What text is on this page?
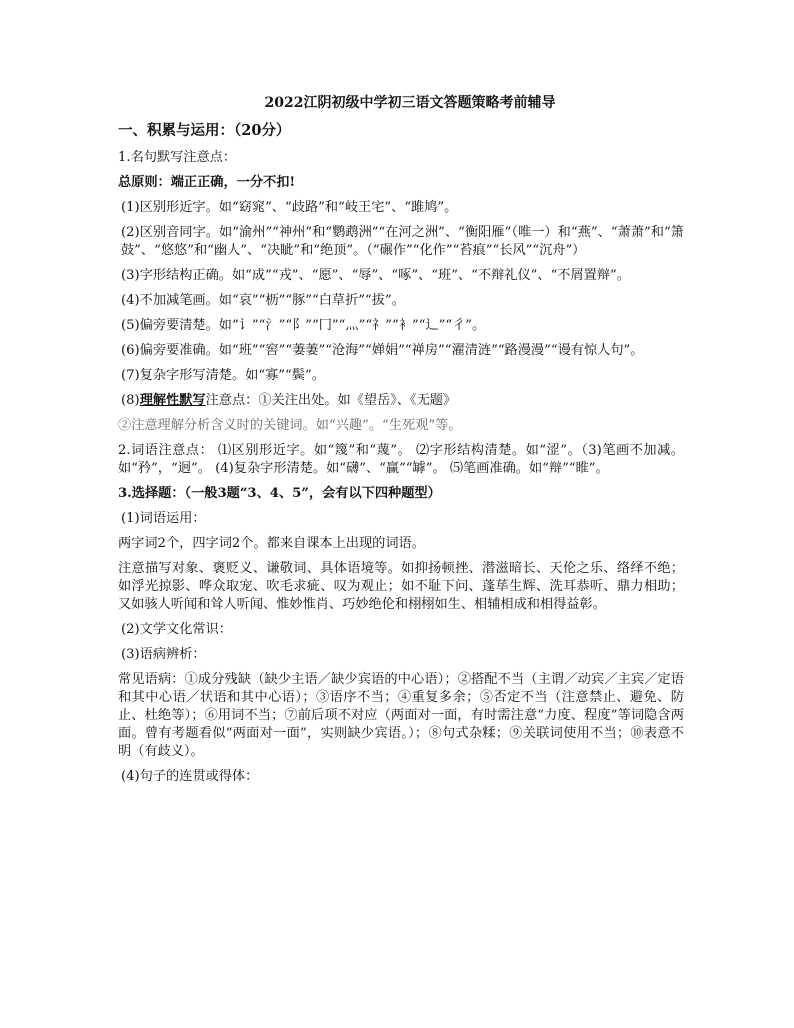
2022江阴初级中学初三语文答题策略考前辅导
一、积累与运用：（20分）
1.名句默写注意点：
总原则：端正正确，一分不扣!
(1)区别形近字。如“窈窕”、“歧路”和“岐王宅”、“雎鸠”。
(2)区别音同字。如“渝州”“神州”和“鹦鹉洲”“在河之洲”、“衡阳雁”（唯一）和“燕”、“萧萧”和“箫鼓”、“悠悠”和“幽人”、“决眦”和“绝顶”。（“碾作”“化作”“苔痕”“长风”“沉舟”）
(3)字形结构正确。如“成”“戎”、“愿”、“辱”、“啄”、“班”、“不辩礼仪”、“不屑置辩”。
(4)不加减笔画。如“哀”“枥”“豚”“白草折”“拔”。
(5)偏旁要清楚。如“讠”“氵”“阝”“冂”“灬”“礻”“衤”“辶”“彳”。
(6)偏旁要准确。如“班”“窖”“萋萋”“沧海”“婵娟”“禅房”“濯清涟”“路漫漫”“谩有惊人句”。
(7)复杂字形写清楚。如“寡”“鬓”。
(8)理解性默写注意点：①关注出处。如《望岳》、《无题》
②注意理解分析含义时的关键词。如“兴趣”。“生死观”等。
2.词语注意点： ⑴区别形近字。如“篾”和“蔑”。 ⑵字形结构清楚。如“涩”。（3)笔画不加减。如“矜”，“迥”。 (4)复杂字形清楚。如“礴”、“赢”“罅”。 ⑸笔画准确。如“辩”“睢”。
3.选择题：（一般3题“3、4、5”，会有以下四种题型）
(1)词语运用：
两字词2个，四字词2个。都来自课本上出现的词语。
注意描写对象、褒贬义、谦敬词、具体语境等。如抑扬顿挫、潜滋暗长、天伦之乐、络绎不绝；如浮光掠影、哗众取宠、吹毛求疵、叹为观止；如不耻下问、蓬荜生辉、洗耳恭听、鼎力相助；又如骇人听闻和耸人听闻、惟妙惟肖、巧妙绝伦和栩栩如生、相辅相成和相得益彰。
(2)文学文化常识：
(3)语病辨析：
常见语病：①成分残缺（缺少主语／缺少宾语的中心语）；②搭配不当（主谓／动宾／主宾／定语和其中心语／状语和其中心语）；③语序不当；④重复多余；⑤否定不当（注意禁止、避免、防止、杜绝等）；⑥用词不当；⑦前后项不对应（两面对一面，有时需注意“力度、程度”等词隐含两面。曾有考题看似“两面对一面”，实则缺少宾语。）；⑧句式杂糅；⑨关联词使用不当；⑩表意不明（有歧义）。
(4)句子的连贯或得体：
